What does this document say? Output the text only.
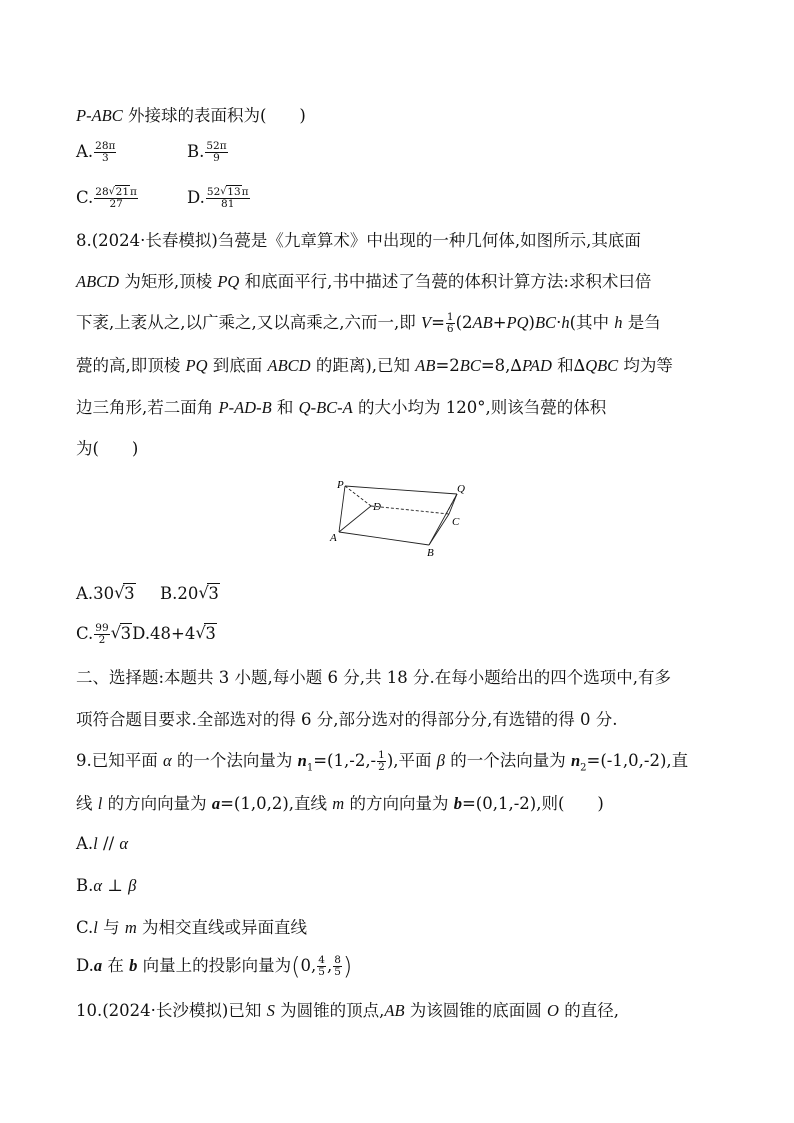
P-ABC 外接球的表面积为(　　)
A. $\frac{28\pi}{3}$	B. $\frac{52\pi}{9}$
C. $\frac{28 √ 21\pi}{27}$	D. $\frac{52 √ 13\pi}{81}$
8.(2024·长春模拟)刍甍是《九章算术》中出现的一种几何体,如图所示,其底面
ABCD 为矩形,顶棱 PQ 和底面平行,书中描述了刍甍的体积计算方法:求积术曰倍
下袤,上袤从之,以广乘之,又以高乘之,六而一,即 $V= \frac{1}{6} (2AB+PQ)BC\cdot h$(其中 h 是刍
甍的高,即顶棱 PQ 到底面 ABCD 的距离),已知 AB=2BC=8,∆PAD 和∆QBC 均为等
边三角形,若二面角 P-AD-B 和 Q-BC-A 的大小均为 120°,则该刍甍的体积
为(　　)
P	Q
D
C
A
B
A.30 √ 3 B.20 √ 3
C. $\frac{99}{2}$ √ 3D.48+4 √ 3
二、选择题:本题共 3 小题,每小题 6 分,共 18 分.在每小题给出的四个选项中,有多
项符合题目要求.全部选对的得 6 分,部分选对的得部分分,有选错的得 0 分.
9.已知平面 α 的一个法向量为 $n_1=(1,-2,- \frac{1}{2}$ ),平面 β 的一个法向量为 $n_2=(-1,0,-2)$,直
线 l 的方向向量为 a=(1,0,2),直线 m 的方向向量为 b=(0,1,-2),则(　　)
A.l // α
B.α ⊥ β
C.l 与 m 为相交直线或异面直线
D.a 在 b 向量上的投影向量为(0, $\frac{4}{5}$ , $\frac{8}{5}$ )
10.(2024·长沙模拟)已知 S 为圆锥的顶点,AB 为该圆锥的底面圆 O 的直径,
